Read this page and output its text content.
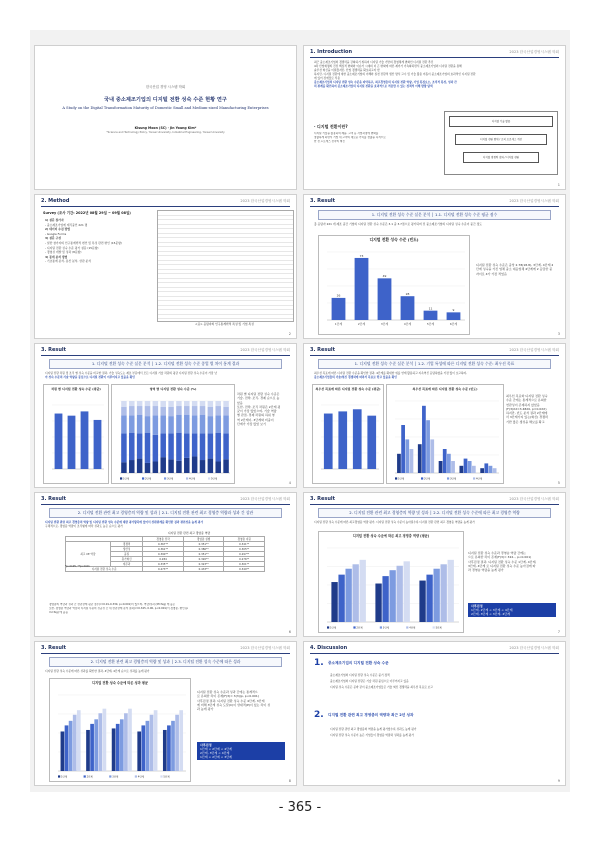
한국산업 경영 시스템 학회
국내 중소제조기업의 디지털 전환 성숙 수준 현황 연구
A Study on the Digital Transformation Maturity of Domestic Small and Medium-sized Manufacturing Enterprises
Kisung Moon (SC) · Jin Young Kim*
*Science and Technology Policy, Yonsei University, Industrial Engineering, Yonsei University
1. Introduction	2023 한국산업경영시스템 학회
최근 중소제조기업의 경쟁력을 강화하기 위하여 디지털 기술 기반의 경영체계 변화인 디지털 전환 추진
4차 산업혁명의 진전 핵심적 변화와 이슈가 시대의 더 큰 변화에 따른 제거가 가속화되면서 중소제조기업의 디지털 전환을 통해
솔루션 혁신을 이뤄왔지만, 산업 경쟁력을 확보하고자 함
하지만, 디지털 전환에 대한 중소제조기업의 이해와 실천 전환적 생산 방식 고수 및 기술 활용 미흡이 중소제조기업의 효과적인 디지털 전환
에 있어 장애물로 작용
중소제조기업의 디지털 전환 성숙 수준을 파악하고, 최고경영층의 디지털 전환 역량, 기업 특징요소, 조직적 특성, 성과 간
의 관계를 확인하여 중소제조기업의 디지털 전환을 효과적으로 적용할 수 있는 정책적 이해 방향 탐색
· 디지털 전환이란?
디지털 기술을 활용하여 제품, 고객 등 사업과정에 변화를
창출하게 되면서 기업 내 고객의 새로운 가치를 창출을 목적으로
한 전 프로세스 전략의 혁신
디지털 기술 활용
디지털 전환 범위 / 조직 프로세스 개선
디지털 경쟁력 강화 / 디지털 전환
1
2. Method	2023 한국산업경영시스템 학회
Survey (조사 기간: 2022년 08월 29일 ~ 09월 08일)
1) 설문 참가자
- 중소제조기업에 재직중인 221 명
2) 데이터 수집 방법
- Google Forms
3) 설문 구성
- 일반 참가자의 인구통계학적 변인 및 특성 관련 변인 (15문항)
- 디지털 전환 성숙 수준 평가 설문 (15문항)
- 경영성 개발 및 성과 (8문항)
4) 통계 분석 방법
- 기초통계 분석, 분산 분석, 상관 분석
<표> 응답자의 인구통계학적 특성 및 기업 특성
2
3. Result	2023 한국산업경영시스템 학회
1. 디지털 전환 성숙 수준 실문 분석 │ 1.1. 디지털 전환 성숙 수준 평균 점수
총 응답자 221 개 제조 중간 기업의 디지털 전환 성숙 수준은 3.1 중 3.7점으로 평가되며 전 중소제조기업의 디지털 성숙 수준이 중간 정도
디지털 전환 성숙 수준 (빈도)
26
73
49
28
11	9
1단계	2단계	3단계	4단계	5단계	6단계
디지털 전환 성숙 수준은 중앙 2.78(18.8), 3단계, 4단계 4
단계 성숙을 가진 업체 중소 대응업체 4단계에 2 응답한 중
자이로 4가 가장 적었음
3
3. Result	2023 한국산업경영시스템 학회
1. 디지털 전환 성숙 수준 실문 분석 │ 1.2. 디지털 전환 성숙 수준 종업 별 차이 통계 결과
디지털 전환 차원 및 조직 별 성숙 수준을 비교한 결과, 기술 성숙도는 제조 부문에서 모든 디지털 기술 차원의 평균 디지털 전환 성숙 수준이 가장 낮
아 성숙 수준의 기술 역량을 중심으로 디지털 전환이 이루어지고 있음을 확인
차원 별 디지털 전환 성숙 수준 (평균)	영역 별 디지털 전환 성숙 수준 (%)
1단계	2단계	3단계	4단계	5단계
차원 별 디지털 전환 성숙 수준은
기술, 전략, 조직, 경제 순으로 높
았음
또한, 전략, 조직 차원은 2단계 평
균이 가장 많았으며, 기술 역량
별 관점, 경제 차원의 하위 영
역 2단계이, 3단계와 비중이
단계가 가장 많았 보기
4
3. Result	2023 한국산업경영시스템 학회
1. 디지털 전환 성숙 수준 실문 분석 │ 1.2. 기업 특성에 따른 디지털 전환 성숙 수준: 최우선 목표
최우선 목표에 따른 디지털 전환 수준을 확인한 결과, 4단계를 확대한 위를 연계 활용하고 지속역신 응답하였을 가장 많이 보고하며,
중소제조기업들의 기술/혁신 경쟁력에 따라서 목표로 학고 있음을 확인
최우선 목표에 따른 디지털 전환 성숙 수준 (평균)	최우선 목표에 따른 디지털 전환 성숙 수준 (빈도)
1단계	2단계	3단계	4단계
최우선 목표와 디지털 전환 성숙
수준 간에는 통계적으로 유의한
연관성이 존재하지 않았음
(F(3)X2=3.4820, p=0.0XX)
하지만, 빈도 분석 결과 2단계에
서 3단계가지 있는(혁신) 경쟁력
기반 많은 생성을 해보를 확고
5
3. Result	2023 한국산업경영시스템 학회
2. 디지털 전환 관련 최고 경영층의 역량 및 성과 │ 2.1. 디지털 전환 관련 최고 경영층 역량과 성과 간 상관
디지털 전환 관련 최고 경영층의 역량 및 디지털 전환 성숙 수준에 대한 평가항목에 있어서 상관관계를 확인한 결과 관련성을 높게 평가
구체적으로, 경영층 역량이 조직형에 따라 성과도 높은 순으로 평가
디지털 전환 관련 최고 경영층 역량
		경영층 전략	경영층 실행	경영층 지원
최고 CE 역량	경쟁력	0.367**	0.351**	0.341**
	생산성	0.361**	0.386**	0.305**
	품질	0.390**	0.351**	0.297**
	원가혁신	0.284	0.320**	0.276**
	재무과	0.335**	0.323**	0.301**
디지털 전환 성숙 수준		0.473**	0.433**	0.340**
*p<0.05, **p<0.01
경영층의 역량과 성과 간 상관관계 평균 점수(r=0.01-0.330, p<0.001)이 있으며, 역량/성과 (M=Sig) 에 높은
또한, 경영층 역량과 역량과 디지털 후원의 성공성 간 내 상관관계 분석 결과(r=0.345, 0.00, p<0.001)이 경영층, 변인 (p
m=Sig) 에 높음
6
3. Result	2023 한국산업경영시스템 학회
2. 디지털 전환 관련 최고 경영층의 역량 및 성과 │ 2.2. 디지털 전환 성숙 수준에 따른 최고 경영층 역량
디지털 전환 성숙 수준에 따른 최고경영층 역량 평가, 디지털 전환 성숙 수준이 높아질수록 디지털 전환 관련 최고 경영층 역량을 높게 평가
디지털 전환 성숙 수준에 따른 최고 경영층 역량 (평균)
1단계	2단계	3단계	4단계	5단계
디지털 전환 성숙 수준과 경영층 역량 간에는
으로 유의한 차이 존재(F(3)= 322.., p<0.001)
사후검정 결과, 디지털 전환 성숙 수준 1단계, 4단계,
3단계, 4단계 로 디지털 전환 성숙 수준 높아짐에 따
라 경영층 역량을 높게 평가
사후검정
1단계, 2단계 < 3단계 < 4단계
2단계, 3단계 < 3단계, 4단계
7
3. Result	2023 한국산업경영시스템 학회
2. 디지털 전환 관련 최고 경영층의 역량 및 성과 │ 2.3. 디지털 전환 성숙 수준에 따른 성과
디지털 전환 성숙 수준에 따른 성과를 확인한 결과, 4단계, 4단계 순으로 성과를 높게 평가
디지털 전환 성숙 수준에 따른 성과 평균
1단계	2단계	3단계	4단계	5단계
디지털 전환 성숙 수준과 성과 간에는 통계적으
로 유의한 차이 존재(F(3)= 3(3)(p, p<0.001)
사후검정 결과, 디지털 전환 성숙 수준 4단계, 3단계
에 비해 3단계 성숙 도달(C)이 상대적(P)이 있는 차이 성
과 높게 평가
사후검정
1단계 < 2단계 < 4단계
2단계, 3단계 < 4단계
1단계 < 2단계 < 3단계
8
4. Discussion	2023 한국산업경영시스템 학회
1. 중소제조기업의 디지털 전환 성숙 수준
중소제조기업의 디지털 전환 성숙 수준은 중기 정책
중소제조기업의 디지털 전환은 기술 차원 중심으로 이루어지고 있음
디지털 성숙 수준은 곧바 같이 중소제조기업들은 기술 혁신 경쟁력을 최우선 목표로 보고
2. 디지털 전환 관련 최고 경영층의 역량과 최근 2년 성과
디지털 전환 관련 최고 경영층의 역량을 높게 평가할수록 성과도 높게 평가
디지털 전환 성숙 수준이 높은 기업들이 경영층 역량과 성과를 높게 평가
9
- 365 -
